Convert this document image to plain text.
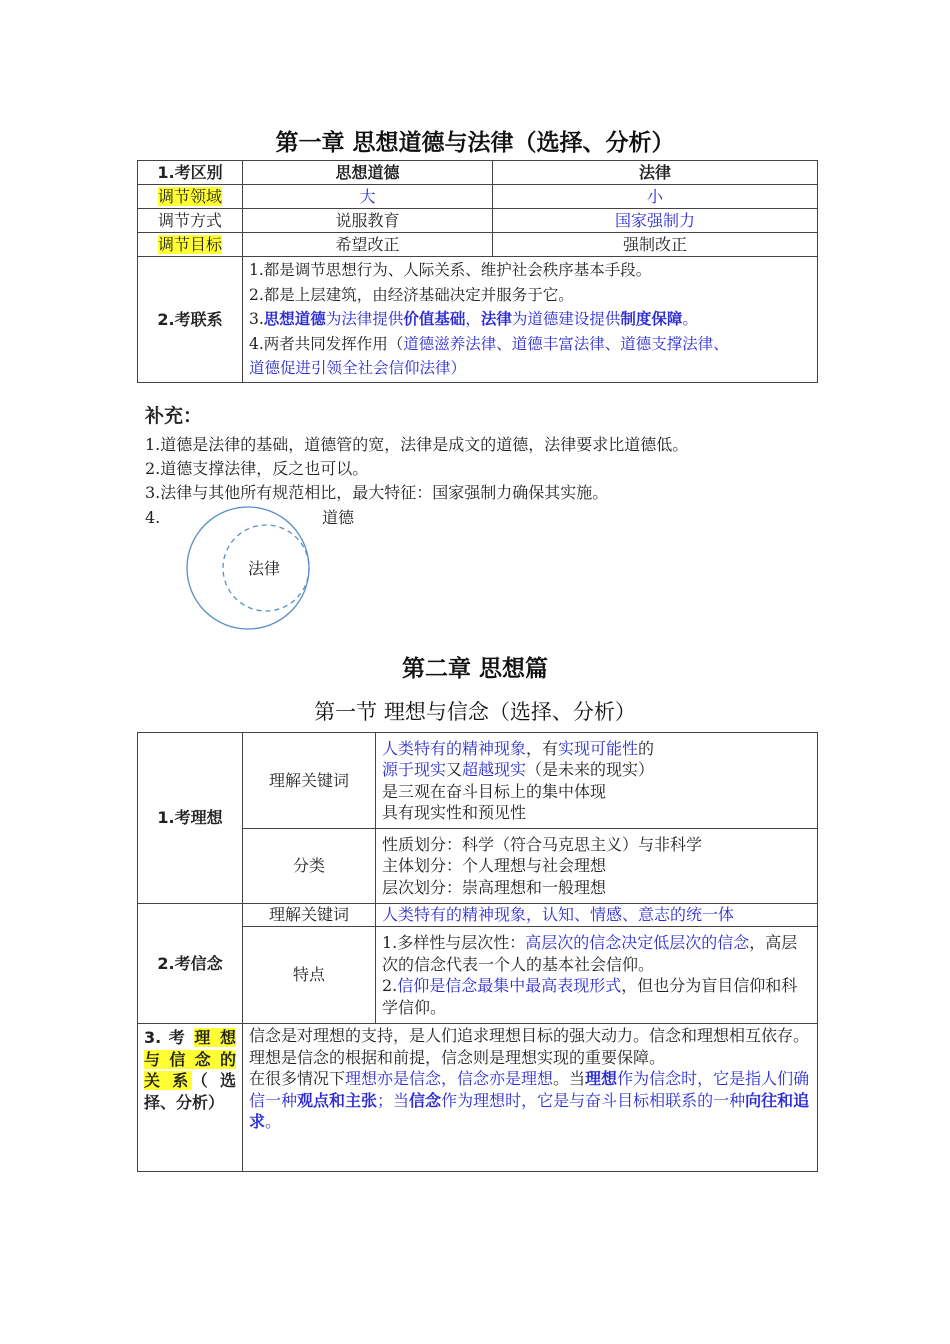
第一章 思想道德与法律（选择、分析）
1.考区别	思想道德	法律
调节领域	大	小
调节方式	说服教育	国家强制力
调节目标	希望改正	强制改正
2.考联系	1.都是调节思想行为、人际关系、维护社会秩序基本手段。
2.都是上层建筑，由经济基础决定并服务于它。
3.思想道德为法律提供价值基础，法律为道德建设提供制度保障。
4.两者共同发挥作用（道德滋养法律、道德丰富法律、道德支撑法律、
道德促进引领全社会信仰法律）	
补充：
1.道德是法律的基础，道德管的宽，法律是成文的道德，法律要求比道德低。
2.道德支撑法律，反之也可以。
3.法律与其他所有规范相比，最大特征：国家强制力确保其实施。
4.	道德
法律
第二章 思想篇
第一节 理想与信念（选择、分析）
1.考理想	理解关键词	人类特有的精神现象，有实现可能性的
源于现实又超越现实（是未来的现实）
是三观在奋斗目标上的集中体现
具有现实性和预见性

	分类	性质划分：科学（符合马克思主义）与非科学
主体划分：个人理想与社会理想
层次划分：崇高理想和一般理想

2.考信念	理解关键词	人类特有的精神现象，认知、情感、意志的统一体

	特点	1.多样性与层次性：高层次的信念决定低层次的信念，高层次的信念代表一个人的基本社会信仰。
2.信仰是信念最集中最高表现形式，但也分为盲目信仰和科学信仰。

3. 考 理 想 与 信 念 的 关 系（ 选 择、分析）	信念是对理想的支持，是人们追求理想目标的强大动力。信念和理想相互依存。
理想是信念的根据和前提，信念则是理想实现的重要保障。
在很多情况下理想亦是信念，信念亦是理想。当理想作为信念时，它是指人们确信一种观点和主张；当信念作为理想时，它是与奋斗目标相联系的一种向往和追求。	
